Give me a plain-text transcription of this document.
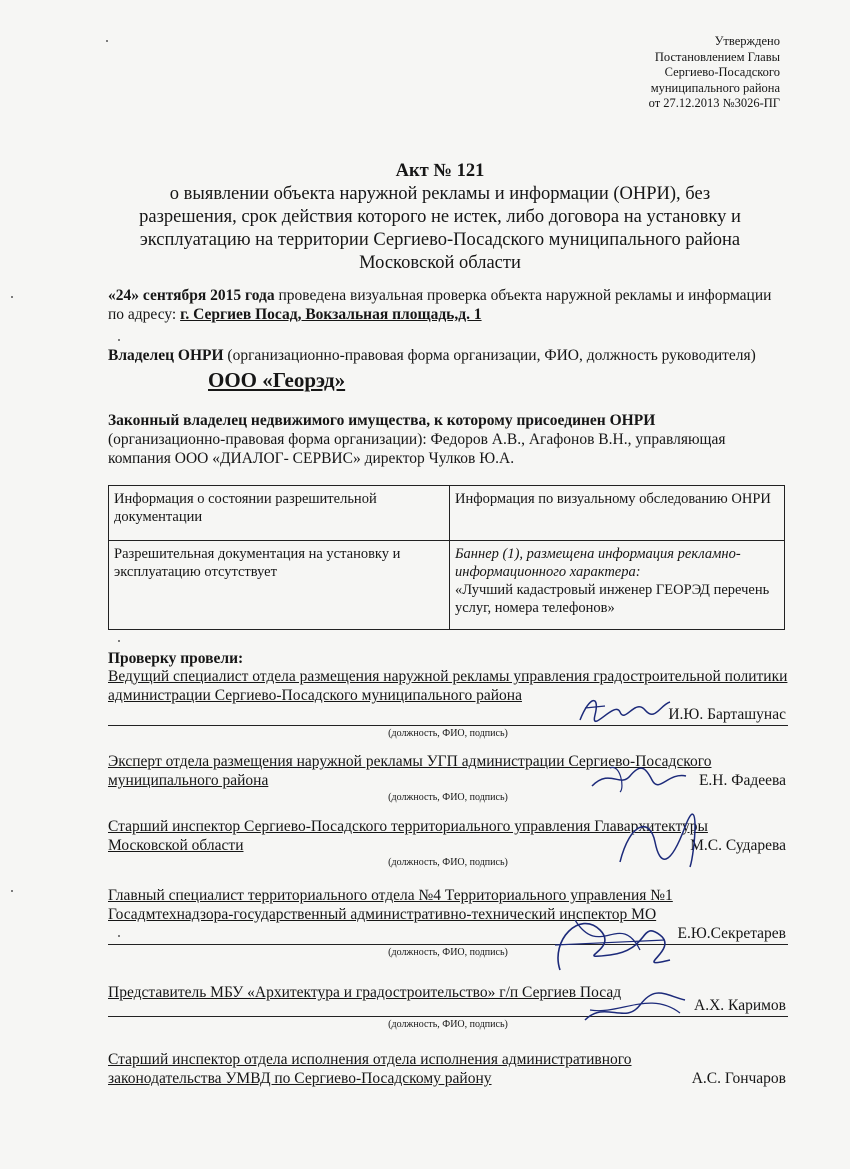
Утверждено
Постановлением Главы
Сергиево-Посадского
муниципального района
от 27.12.2013 №3026-ПГ
Акт № 121
о выявлении объекта наружной рекламы и информации (ОНРИ), без
разрешения, срок действия которого не истек, либо договора на установку и
эксплуатацию на территории Сергиево-Посадского муниципального района
Московской области
«24» сентября 2015 года проведена визуальная проверка объекта наружной рекламы и информации по адресу: г. Сергиев Посад, Вокзальная площадь,д. 1
Владелец ОНРИ (организационно-правовая форма организации, ФИО, должность руководителя)ООО «Георэд»
Законный владелец недвижимого имущества, к которому присоединен ОНРИ
(организационно-правовая форма организации): Федоров А.В., Агафонов В.Н., управляющая компания ООО «ДИАЛОГ- СЕРВИС» директор Чулков Ю.А.
Информация о состоянии разрешительной документации	Информация по визуальному обследованию ОНРИ
Разрешительная документация на установку и эксплуатацию отсутствует	Баннер (1), размещена информация рекламно-информационного характера:
«Лучший кадастровый инженер ГЕОРЭД перечень услуг, номера телефонов»
Проверку провели:
Ведущий специалист отдела размещения наружной рекламы управления градостроительной политики администрации Сергиево-Посадского муниципального района
И.Ю. Барташунас
(должность, ФИО, подпись)
Эксперт отдела размещения наружной рекламы УГП администрации Сергиево-Посадского муниципального района
(должность, ФИО, подпись)
Е.Н. Фадеева
Старший инспектор Сергиево-Посадского территориального управления Главархитектуры Московской области
(должность, ФИО, подпись)
М.С. Сударева
Главный специалист территориального отдела №4 Территориального управления №1 Госадмтехнадзора-государственный административно-технический инспектор МО
Е.Ю.Секретарев
(должность, ФИО, подпись)
Представитель МБУ «Архитектура и градостроительство» г/п Сергиев Посад
А.Х. Каримов
(должность, ФИО, подпись)
Старший инспектор отдела исполнения отдела исполнения административного законодательства УМВД по Сергиево-Посадскому району	А.С. Гончаров
